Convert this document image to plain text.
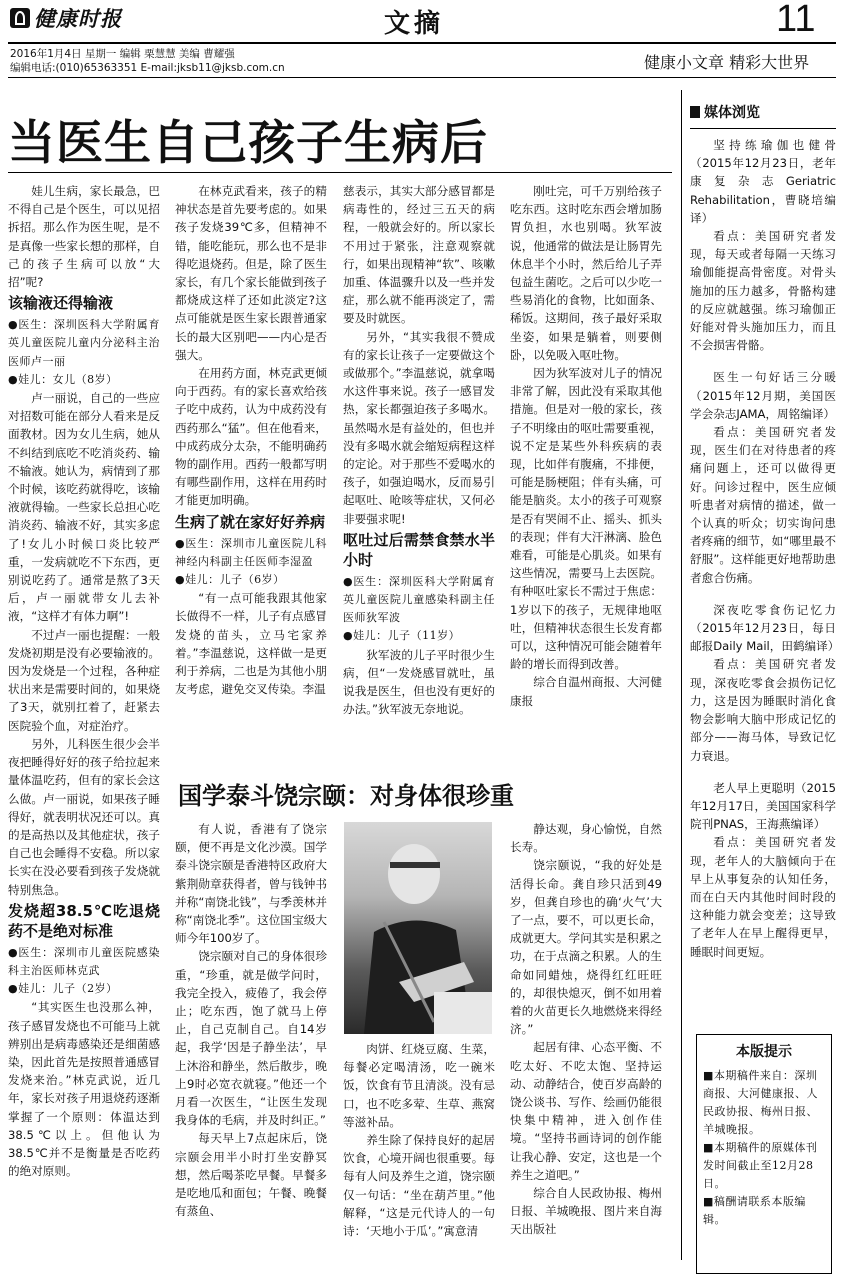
健康时报	文摘	11
2016年1月4日 星期一 编辑 栗慧慧 美编 曹耀强
编辑电话:(010)65363351 E-mail:jksb11@jksb.com.cn	健康小文章 精彩大世界
当医生自己孩子生病后

娃儿生病，家长最急，巴不得自己是个医生，可以见招拆招。那么作为医生呢，是不是真像一些家长想的那样，自己的孩子生病可以放“大招”呢?

该输液还得输液

●医生：深圳医科大学附属育英儿童医院儿童内分泌科主治医师卢一丽

●娃儿：女儿（8岁）

卢一丽说，自己的一些应对招数可能在部分人看来是反面教材。因为女儿生病，她从不纠结到底吃不吃消炎药、输不输液。她认为，病情到了那个时候，该吃药就得吃，该输液就得输。一些家长总担心吃消炎药、输液不好，其实多虑了!女儿小时候口炎比较严重，一发病就吃不下东西，更别说吃药了。通常是熬了3天后，卢一丽就带女儿去补液，“这样才有体力啊”!

不过卢一丽也提醒：一般发烧初期是没有必要输液的。因为发烧是一个过程，各种症状出来是需要时间的，如果烧了3天，就别扛着了，赶紧去医院验个血，对症治疗。

另外，儿科医生很少会半夜把睡得好好的孩子给拉起来量体温吃药，但有的家长会这么做。卢一丽说，如果孩子睡得好，就表明状况还可以。真的是高热以及其他症状，孩子自己也会睡得不安稳。所以家长实在没必要看到孩子发烧就特别焦急。

发烧超38.5℃吃退烧药不是绝对标准

●医生：深圳市儿童医院感染科主治医师林克武

●娃儿：儿子（2岁）

“其实医生也没那么神，孩子感冒发烧也不可能马上就辨别出是病毒感染还是细菌感染，因此首先是按照普通感冒发烧来治。”林克武说，近几年，家长对孩子用退烧药逐渐掌握了一个原则：体温达到38.5℃以上。但他认为38.5℃并不是衡量是否吃药的绝对原则。

在林克武看来，孩子的精神状态是首先要考虑的。如果孩子发烧39℃多，但精神不错，能吃能玩，那么也不是非得吃退烧药。但是，除了医生家长，有几个家长能做到孩子都烧成这样了还如此淡定?这点可能就是医生家长跟普通家长的最大区别吧——内心是否强大。

在用药方面，林克武更倾向于西药。有的家长喜欢给孩子吃中成药，认为中成药没有西药那么“猛”。但在他看来，中成药成分太杂，不能明确药物的副作用。西药一般都写明有哪些副作用，这样在用药时才能更加明确。

生病了就在家好好养病

●医生：深圳市儿童医院儿科神经内科副主任医师李湿盈

●娃儿：儿子（6岁）

“有一点可能我跟其他家长做得不一样，儿子有点感冒发烧的苗头，立马宅家养着。”李温慈说，这样做一是更利于养病，二也是为其他小朋友考虑，避免交叉传染。李温

慈表示，其实大部分感冒都是病毒性的，经过三五天的病程，一般就会好的。所以家长不用过于紧张，注意观察就行，如果出现精神“软”、咳嗽加重、体温骤升以及一些并发症，那么就不能再淡定了，需要及时就医。

另外，“其实我很不赞成有的家长让孩子一定要做这个或做那个。”李温慈说，就拿喝水这件事来说。孩子一感冒发热，家长都强迫孩子多喝水。虽然喝水是有益处的，但也并没有多喝水就会缩短病程这样的定论。对于那些不爱喝水的孩子，如强迫喝水，反而易引起呕吐、呛咳等症状，又何必非要强求呢!

呕吐过后需禁食禁水半小时

●医生：深圳医科大学附属育英儿童医院儿童感染科副主任医师狄军波

●娃儿：儿子（11岁）

狄军波的儿子平时很少生病，但“一发烧感冒就吐，虽说我是医生，但也没有更好的办法。”狄军波无奈地说。

刚吐完，可千万别给孩子吃东西。这时吃东西会增加肠胃负担，水也别喝。狄军波说，他通常的做法是让肠胃先休息半个小时，然后给儿子弄包益生菌吃。之后可以少吃一些易消化的食物，比如面条、稀饭。这期间，孩子最好采取坐姿，如果是躺着，则要侧卧，以免吸入呕吐物。

因为狄军波对儿子的情况非常了解，因此没有采取其他措施。但是对一般的家长，孩子不明缘由的呕吐需要重视，说不定是某些外科疾病的表现，比如伴有腹痛，不排便，可能是肠梗阻；伴有头痛，可能是脑炎。太小的孩子可观察是否有哭闹不止、摇头、抓头的表现；伴有大汗淋漓、脸色难看，可能是心肌炎。如果有这些情况，需要马上去医院。有种呕吐家长不需过于焦虑：1岁以下的孩子，无规律地呕吐，但精神状态很生长发育都可以，这种情况可能会随着年龄的增长而得到改善。

综合自温州商报、大河健康报

国学泰斗饶宗颐：对身体很珍重

有人说，香港有了饶宗颐，便不再是文化沙漠。国学泰斗饶宗颐是香港特区政府大紫荆勋章获得者，曾与钱钟书并称“南饶北钱”，与季羡林并称“南饶北季”。这位国宝级大师今年100岁了。

饶宗颐对自己的身体很珍重，“珍重，就是做学问时，我完全投入，疲倦了，我会停止；吃东西，饱了就马上停止，自己克制自己。自14岁起，我学‘因是子静坐法’，早上沐浴和静坐，然后散步，晚上9时必宽衣就寝。”他还一个月看一次医生，“让医生发现我身体的毛病，并及时纠正。”

每天早上7点起床后，饶宗颐会用半小时打坐安静冥想，然后喝茶吃早餐。早餐多是吃地瓜和面包；午餐、晚餐有蒸鱼、

肉饼、红烧豆腐、生菜，每餐必定喝清汤，吃一碗米饭，饮食有节且清淡。没有忌口，也不吃多荤、生草、燕窝等滋补品。

养生除了保持良好的起居饮食，心境开阔也很重要。每每有人问及养生之道，饶宗颐仅一句话：“坐在葫芦里。”他解释，“这是元代诗人的一句诗：‘天地小于瓜’。”寓意清

静达观，身心愉悦，自然长寿。

饶宗颐说，“我的好处是活得长命。龚自珍只活到49岁，但龚自珍也的确‘火气’大了一点，要不，可以更长命，成就更大。学问其实是积累之功，在于点滴之积累。人的生命如同蜡烛，烧得红红旺旺的，却很快熄灭，倒不如用着着的火苗更长久地燃烧来得经济。”

起居有律、心态平衡、不吃太好、不吃太饱、坚持运动、动静结合，使百岁高龄的饶公谈书、写作、绘画仍能很快集中精神，进入创作佳境。“坚持书画诗词的创作能让我心静、安定，这也是一个养生之道吧。”

综合自人民政协报、梅州日报、羊城晚报、图片来自海天出版社

媒体浏览

坚持练瑜伽也健骨（2015年12月23日，老年康复杂志Geriatric Rehabilitation，曹晓培编译）

看点：美国研究者发现，每天或者每隔一天练习瑜伽能提高骨密度。对骨头施加的压力越多，骨骼构建的反应就越强。练习瑜伽正好能对骨头施加压力，而且不会损害骨骼。

医生一句好话三分暖（2015年12月期，美国医学会杂志JAMA，周铭编译）

看点：美国研究者发现，医生们在对待患者的疼痛问题上，还可以做得更好。问诊过程中，医生应倾听患者对病情的描述，做一个认真的听众；切实询问患者疼痛的细节，如“哪里最不舒服”。这样能更好地帮助患者愈合伤痛。

深夜吃零食伤记忆力（2015年12月23日，每日邮报Daily Mail，田鹤编译）

看点：美国研究者发现，深夜吃零食会损伤记忆力，这是因为睡眠时消化食物会影响大脑中形成记忆的部分——海马体，导致记忆力衰退。

老人早上更聪明（2015年12月17日，美国国家科学院刊PNAS，王海燕编译）

看点：美国研究者发现，老年人的大脑倾向于在早上从事复杂的认知任务，而在白天内其他时间时段的这种能力就会变差；这导致了老年人在早上醒得更早，睡眠时间更短。

本版提示

■本期稿件来自：深圳商报、大河健康报、人民政协报、梅州日报、羊城晚报。

■本期稿件的原媒体刊发时间截止至12月28日。

■稿酬请联系本版编辑。
